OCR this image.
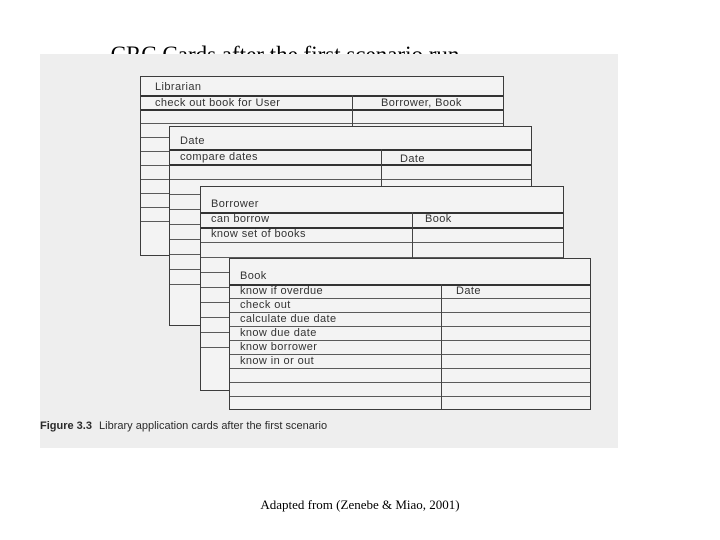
Librarian
check out book for User	Borrower, Book
Date
compare dates	Date
Borrower
can borrow
know set of books
Book
Book
know if overdue
check out
calculate due date
know due date
know borrower
know in or out
Date
Figure 3.3 Library application cards after the first scenario
Adapted from (Zenebe & Miao, 2001)
